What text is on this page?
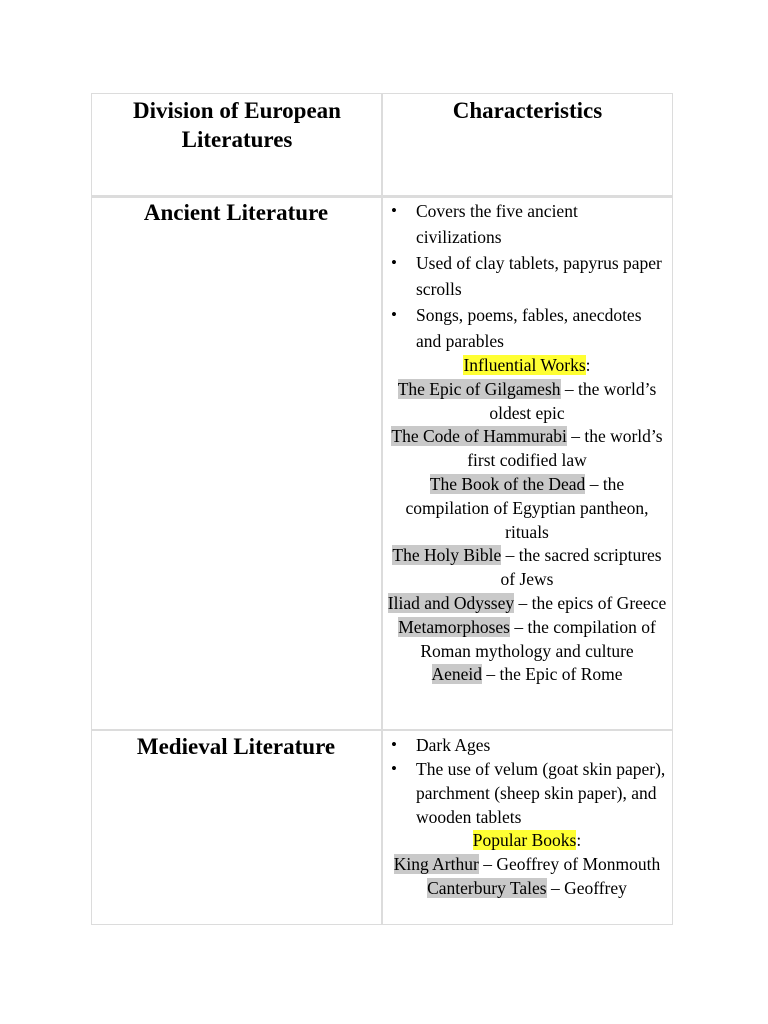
Division of European Literatures
Characteristics
Ancient Literature	• Covers the five ancient civilizations
• Used of clay tablets, papyrus paper scrolls
• Songs, poems, fables, anecdotes and parables
Influential Works:
The Epic of Gilgamesh – the world’s oldest epic
The Code of Hammurabi – the world’s first codified law
The Book of the Dead – the compilation of Egyptian pantheon, rituals
The Holy Bible – the sacred scriptures of Jews
Iliad and Odyssey – the epics of Greece
Metamorphoses – the compilation of Roman mythology and culture
Aeneid – the Epic of Rome
Medieval Literature	• Dark Ages
• The use of velum (goat skin paper), parchment (sheep skin paper), and wooden tablets
Popular Books:
King Arthur – Geoffrey of Monmouth
Canterbury Tales – Geoffrey
